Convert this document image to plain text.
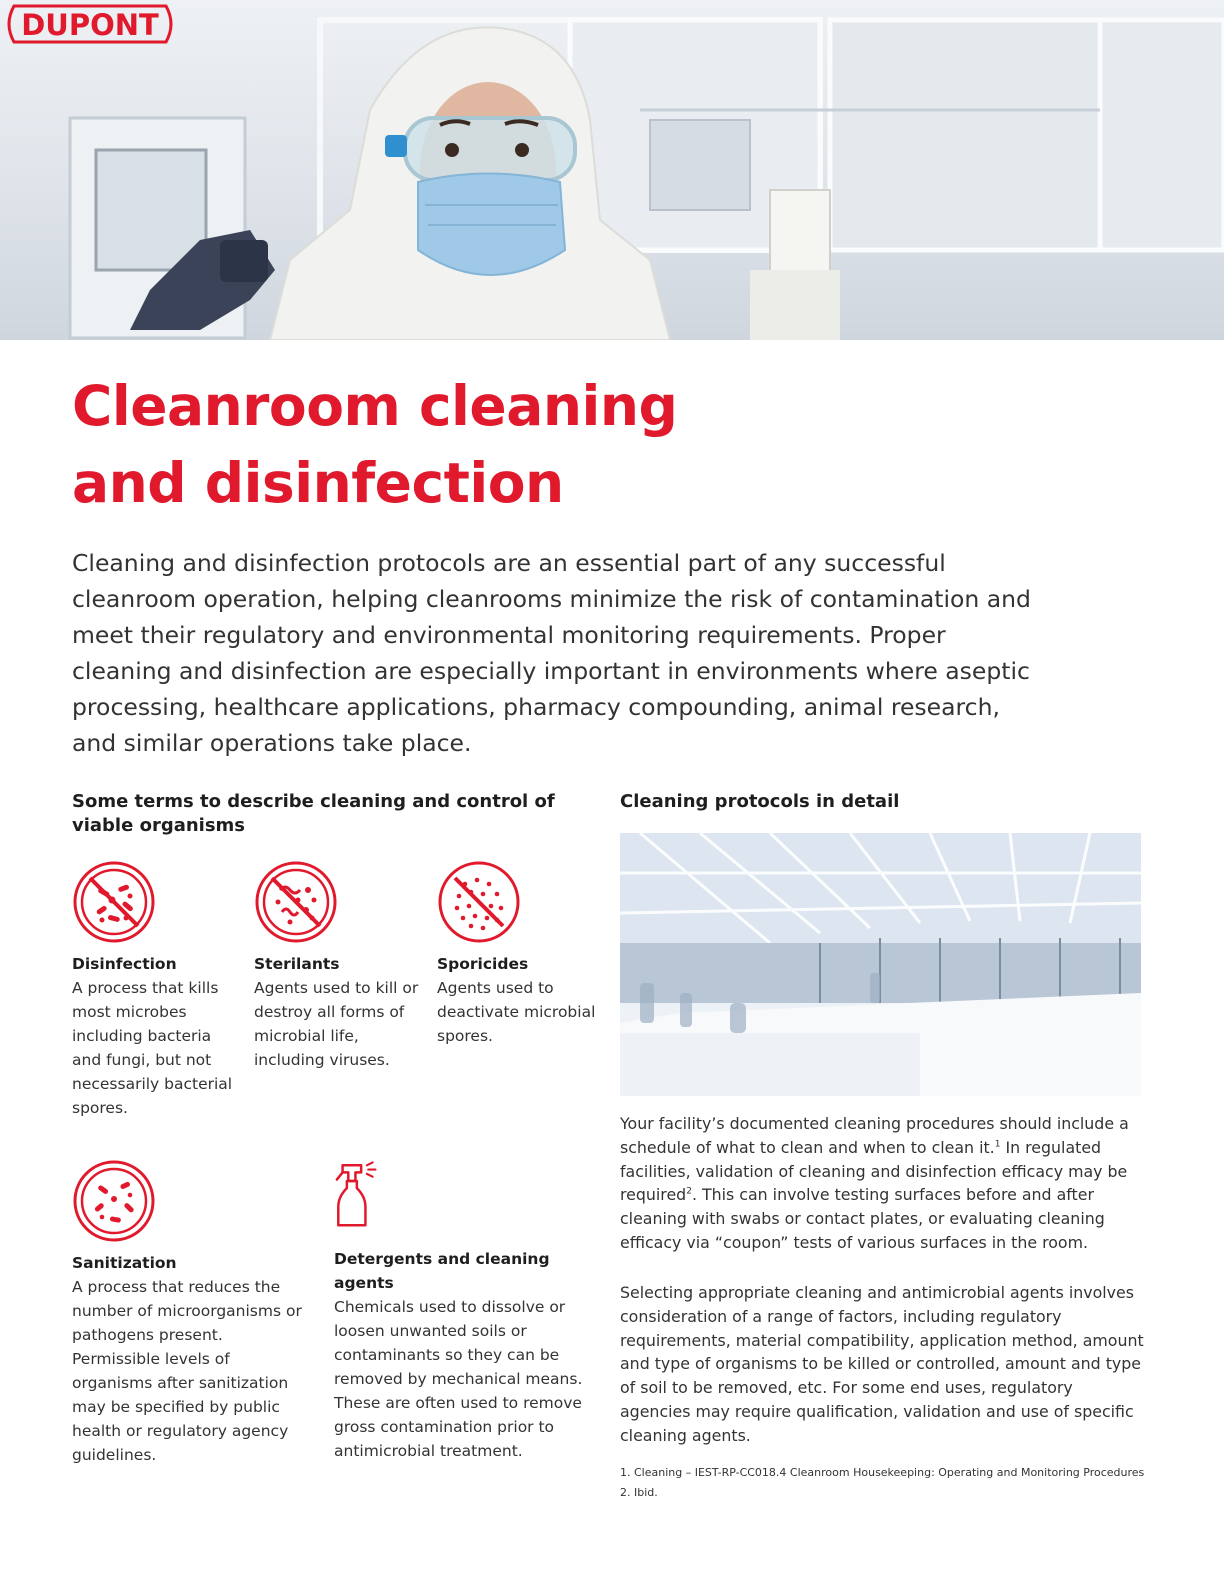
DUPONT
Cleanroom cleaning
and disinfection

Cleaning and disinfection protocols are an essential part of any successful cleanroom operation, helping cleanrooms minimize the risk of contamination and meet their regulatory and environmental monitoring requirements. Proper cleaning and disinfection are especially important in environments where aseptic processing, healthcare applications, pharmacy compounding, animal research, and similar operations take place.

Some terms to describe cleaning and control of viable organisms
Cleaning protocols in detail
Disinfection
A process that kills most microbes including bacteria and fungi, but not necessarily bacterial spores.
Sterilants
Agents used to kill or destroy all forms of microbial life, including viruses.
Sporicides
Agents used to deactivate microbial spores.
Sanitization
A process that reduces the number of microorganisms or pathogens present. Permissible levels of organisms after sanitization may be specified by public health or regulatory agency guidelines.
Detergents and cleaning agents
Chemicals used to dissolve or loosen unwanted soils or contaminants so they can be removed by mechanical means. These are often used to remove gross contamination prior to antimicrobial treatment.

Your facility’s documented cleaning procedures should include a schedule of what to clean and when to clean it.$^1$ In regulated facilities, validation of cleaning and disinfection efficacy may be required$^2$. This can involve testing surfaces before and after cleaning with swabs or contact plates, or evaluating cleaning efficacy via “coupon” tests of various surfaces in the room.

Selecting appropriate cleaning and antimicrobial agents involves consideration of a range of factors, including regulatory requirements, material compatibility, application method, amount and type of organisms to be killed or controlled, amount and type of soil to be removed, etc. For some end uses, regulatory agencies may require qualification, validation and use of specific cleaning agents.

1. Cleaning – IEST-RP-CC018.4 Cleanroom Housekeeping: Operating and Monitoring Procedures

2. Ibid.
